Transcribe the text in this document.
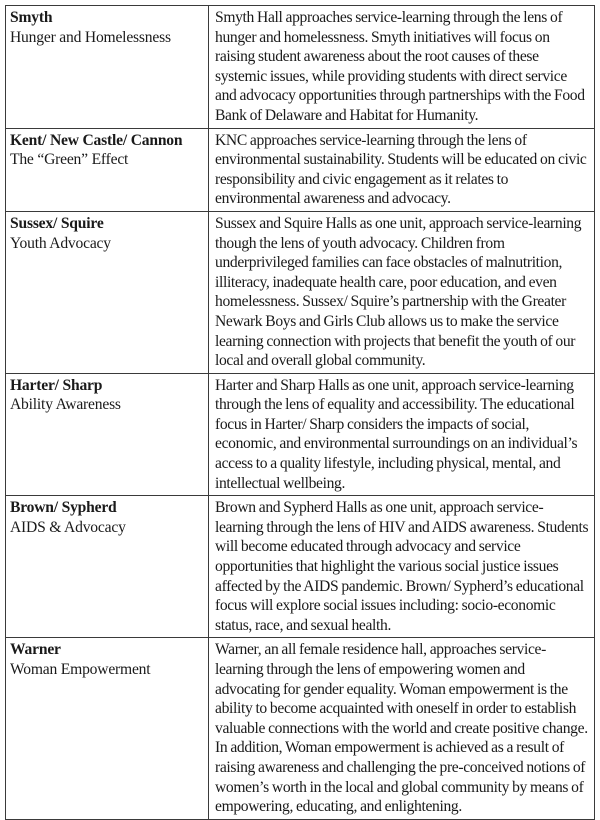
Smyth
Hunger and Homelessness	Smyth Hall approaches service-learning through the lens of hunger and homelessness. Smyth initiatives will focus on raising student awareness about the root causes of these systemic issues, while providing students with direct service and advocacy opportunities through partnerships with the Food Bank of Delaware and Habitat for Humanity.

Kent/ New Castle/ Cannon
The “Green” Effect	KNC approaches service-learning through the lens of environmental sustainability. Students will be educated on civic responsibility and civic engagement as it relates to environmental awareness and advocacy.

Sussex/ Squire
Youth Advocacy	Sussex and Squire Halls as one unit, approach service-learning though the lens of youth advocacy. Children from underprivileged families can face obstacles of malnutrition, illiteracy, inadequate health care, poor education, and even homelessness. Sussex/ Squire’s partnership with the Greater Newark Boys and Girls Club allows us to make the service learning connection with projects that benefit the youth of our local and overall global community.

Harter/ Sharp
Ability Awareness	Harter and Sharp Halls as one unit, approach service-learning through the lens of equality and accessibility. The educational focus in Harter/ Sharp considers the impacts of social, economic, and environmental surroundings on an individual’s access to a quality lifestyle, including physical, mental, and intellectual wellbeing.

Brown/ Sypherd
AIDS & Advocacy	Brown and Sypherd Halls as one unit, approach service-learning through the lens of HIV and AIDS awareness. Students will become educated through advocacy and service opportunities that highlight the various social justice issues affected by the AIDS pandemic. Brown/ Sypherd’s educational focus will explore social issues including: socio-economic status, race, and sexual health.

Warner
Woman Empowerment	Warner, an all female residence hall, approaches service-learning through the lens of empowering women and advocating for gender equality. Woman empowerment is the ability to become acquainted with oneself in order to establish valuable connections with the world and create positive change. In addition, Woman empowerment is achieved as a result of raising awareness and challenging the pre-conceived notions of women’s worth in the local and global community by means of empowering, educating, and enlightening.
